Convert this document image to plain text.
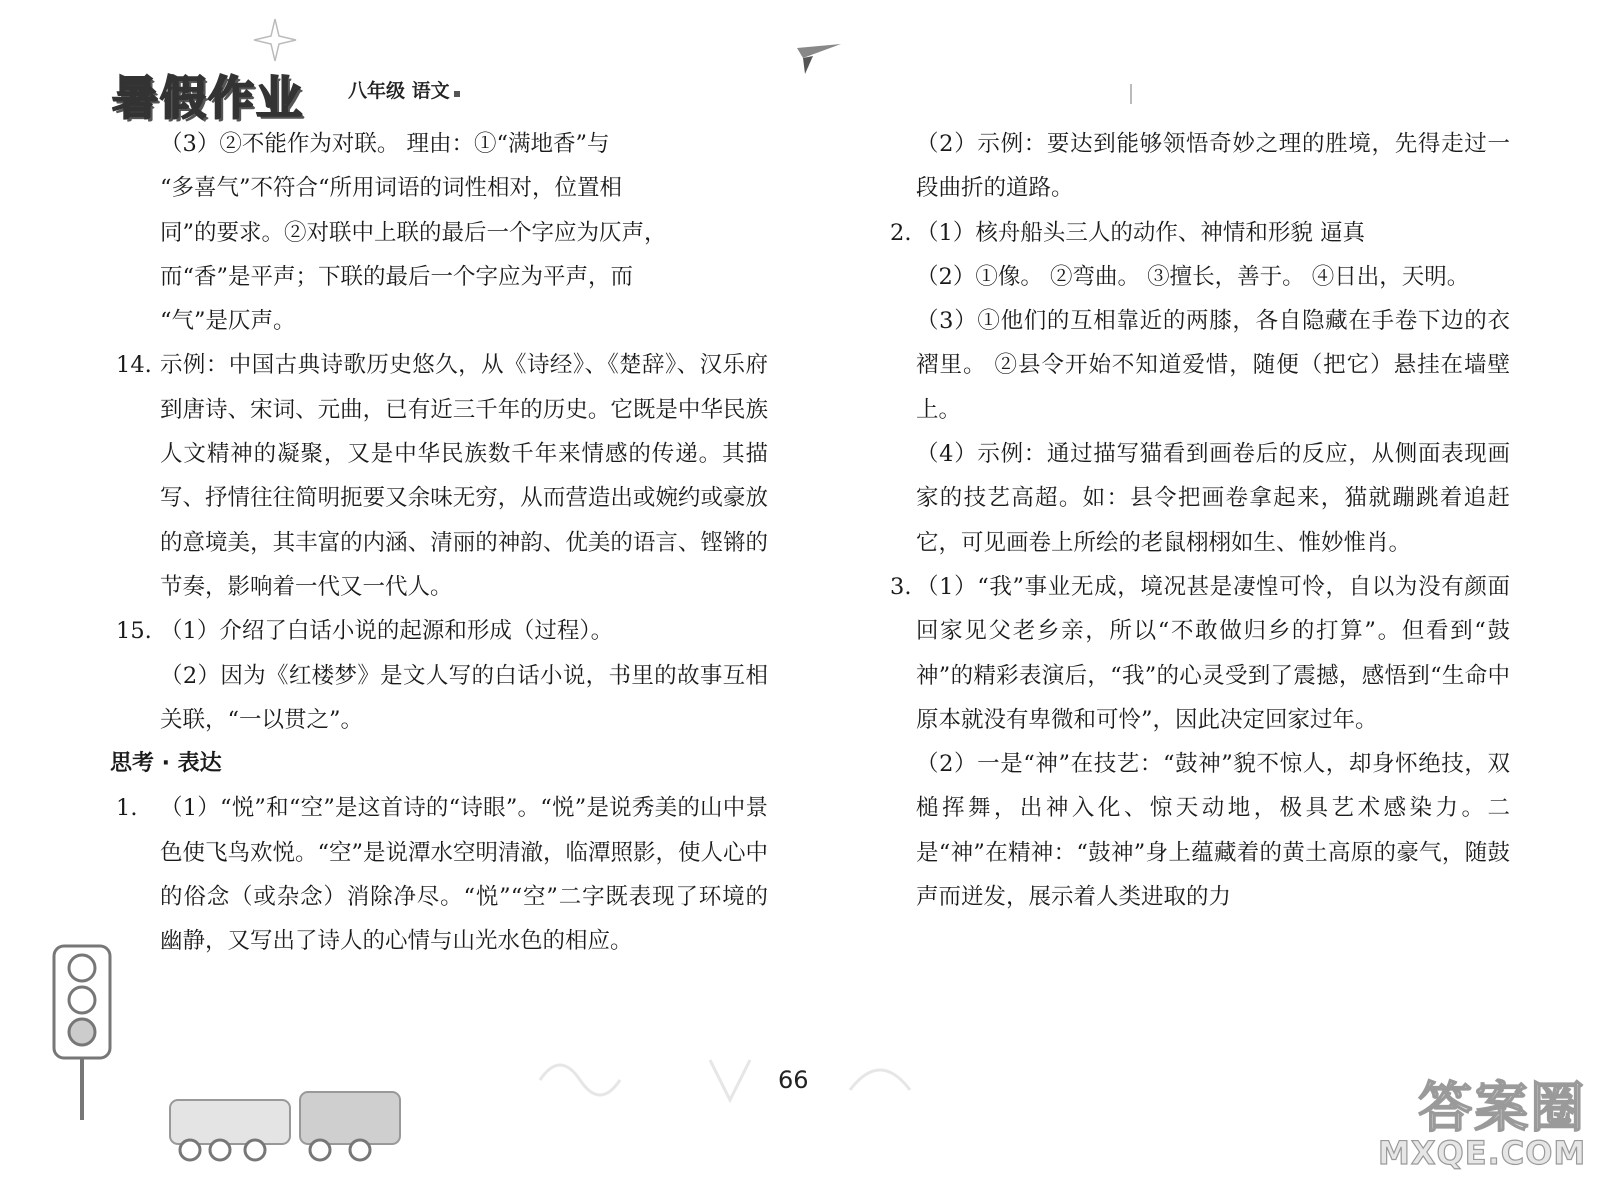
暑假作业 八年级 语文

（3）②不能作为对联。 理由：①“满地香”与

“多喜气”不符合“所用词语的词性相对，位置相

同”的要求。②对联中上联的最后一个字应为仄声，

而“香”是平声；下联的最后一个字应为平声，而

“气”是仄声。

14. 示例：中国古典诗歌历史悠久，从《诗经》、《楚辞》、汉乐府到唐诗、宋词、元曲，已有近三千年的历史。它既是中华民族人文精神的凝聚，又是中华民族数千年来情感的传递。其描写、抒情往往简明扼要又余味无穷，从而营造出或婉约或豪放的意境美，其丰富的内涵、清丽的神韵、优美的语言、铿锵的节奏，影响着一代又一代人。
15. （1）介绍了白话小说的起源和形成（过程）。

（2）因为《红楼梦》是文人写的白话小说，书里的故事互相关联，“一以贯之”。

思考 · 表达

1.	（1）“悦”和“空”是这首诗的“诗眼”。“悦”是说秀美的山中景色使飞鸟欢悦。“空”是说潭水空明清澈，临潭照影，使人心中的俗念（或杂念）消除净尽。“悦”“空”二字既表现了环境的幽静，又写出了诗人的心情与山光水色的相应。

（2）示例：要达到能够领悟奇妙之理的胜境，先得走过一段曲折的道路。

2. （1）核舟船头三人的动作、神情和形貌 逼真

（2）①像。 ②弯曲。 ③擅长，善于。 ④日出，天明。

（3）①他们的互相靠近的两膝，各自隐藏在手卷下边的衣褶里。 ②县令开始不知道爱惜，随便（把它）悬挂在墙壁上。

（4）示例：通过描写猫看到画卷后的反应，从侧面表现画家的技艺高超。如：县令把画卷拿起来，猫就蹦跳着追赶它，可见画卷上所绘的老鼠栩栩如生、惟妙惟肖。

3. （1）“我”事业无成，境况甚是凄惶可怜，自以为没有颜面回家见父老乡亲，所以“不敢做归乡的打算”。但看到“鼓神”的精彩表演后，“我”的心灵受到了震撼，感悟到“生命中原本就没有卑微和可怜”，因此决定回家过年。

（2）一是“神”在技艺：“鼓神”貌不惊人，却身怀绝技，双槌挥舞，出神入化、惊天动地，极具艺术感染力。二是“神”在精神：“鼓神”身上蕴藏着的黄土高原的豪气，随鼓声而迸发，展示着人类进取的力

66	答案圈
MXQE.COM
